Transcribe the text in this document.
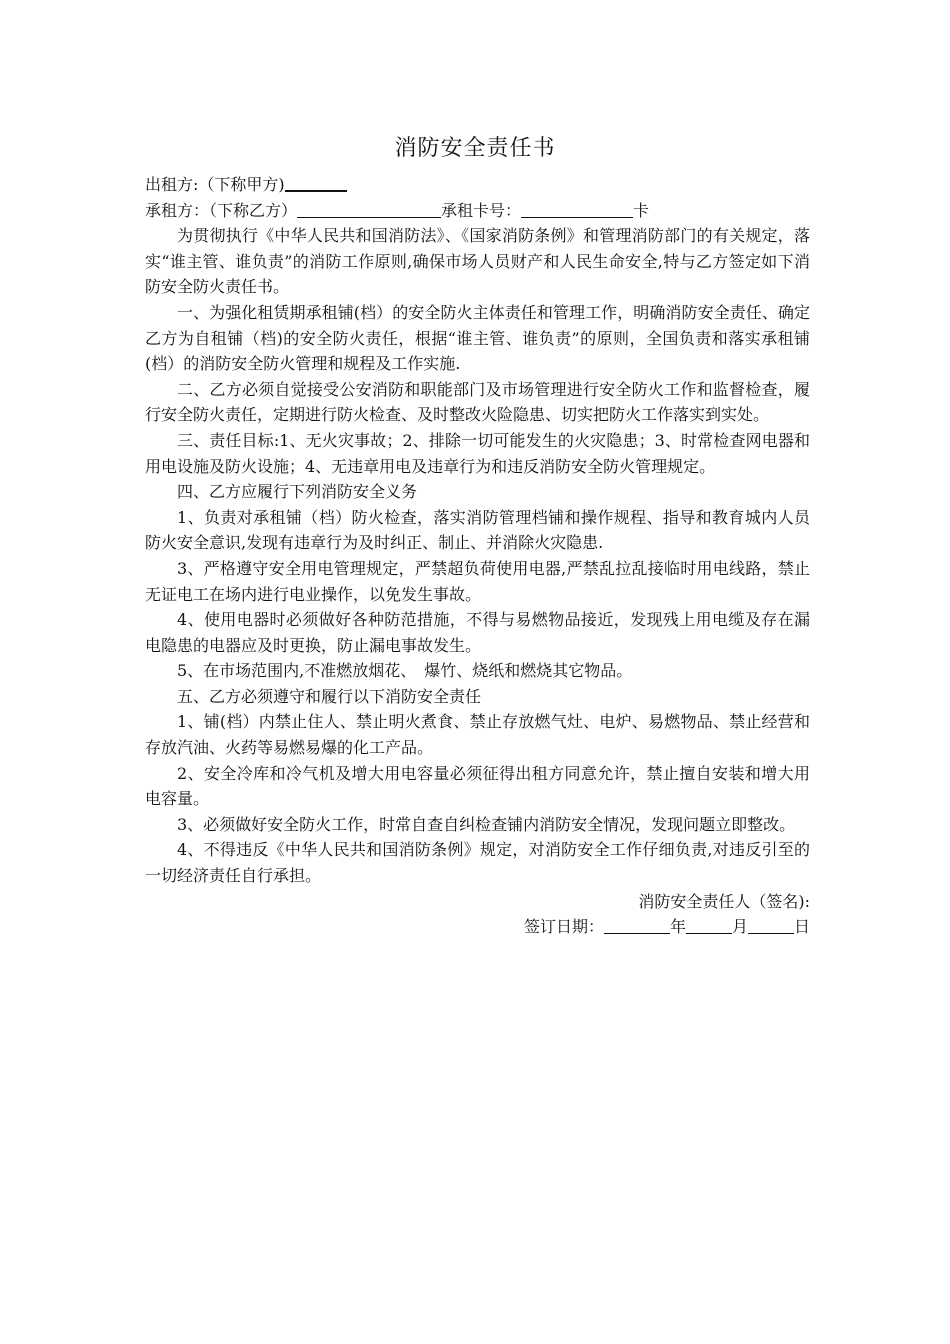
消防安全责任书
出租方:（下称甲方)
承租方：（下称乙方）	承租卡号：	卡
为贯彻执行《中华人民共和国消防法》、《国家消防条例》和管理消防部门的有关规定，落实“谁主管、谁负责”的消防工作原则,确保市场人员财产和人民生命安全,特与乙方签定如下消防安全防火责任书。
一、为强化租赁期承租铺(档）的安全防火主体责任和管理工作，明确消防安全责任、确定乙方为自租铺（档)的安全防火责任，根据“谁主管、谁负责”的原则，全国负责和落实承租铺(档）的消防安全防火管理和规程及工作实施.
二、乙方必须自觉接受公安消防和职能部门及市场管理进行安全防火工作和监督检查，履行安全防火责任，定期进行防火检查、及时整改火险隐患、切实把防火工作落实到实处。
三、责任目标:1、无火灾事故；2、排除一切可能发生的火灾隐患；3、时常检查网电器和用电设施及防火设施；4、无违章用电及违章行为和违反消防安全防火管理规定。
四、乙方应履行下列消防安全义务
1、负责对承租铺（档）防火检查，落实消防管理档铺和操作规程、指导和教育城内人员防火安全意识,发现有违章行为及时纠正、制止、并消除火灾隐患.
3、严格遵守安全用电管理规定，严禁超负荷使用电器,严禁乱拉乱接临时用电线路，禁止无证电工在场内进行电业操作，以免发生事故。
4、使用电器时必须做好各种防范措施，不得与易燃物品接近，发现残上用电缆及存在漏电隐患的电器应及时更换，防止漏电事故发生。
5、在市场范围内,不准燃放烟花、　爆竹、烧纸和燃烧其它物品。
五、乙方必须遵守和履行以下消防安全责任
1、铺(档）内禁止住人、禁止明火煮食、禁止存放燃气灶、电炉、易燃物品、禁止经营和存放汽油、火药等易燃易爆的化工产品。
2、安全冷库和冷气机及增大用电容量必须征得出租方同意允许，禁止擅自安装和增大用电容量。
3、必须做好安全防火工作，时常自查自纠检查铺内消防安全情况，发现问题立即整改。
4、不得违反《中华人民共和国消防条例》规定，对消防安全工作仔细负责,对违反引至的一切经济责任自行承担。
消防安全责任人（签名):
签订日期：	年	月	日
